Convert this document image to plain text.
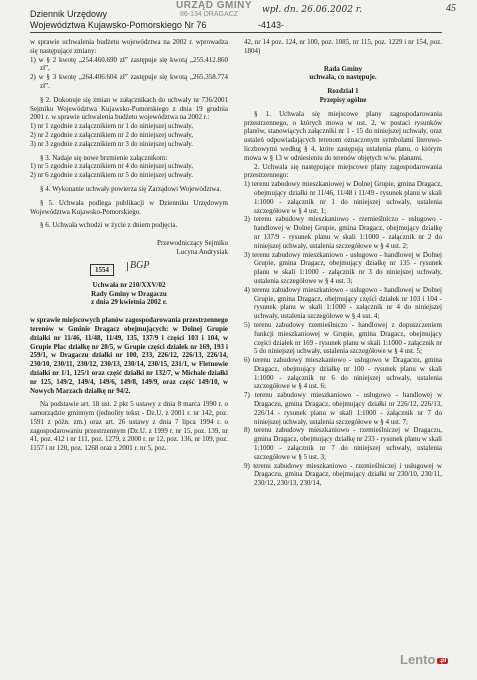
Dziennik Urzędowy
Województwa Kujawsko-Pomorskiego Nr 76	-4143-
URZĄD GMINY
86-134 DRAGACZ	wpł. dn. 26.06.2002 r.	45

w sprawie uchwalenia budżetu województwa na 2002 r. wprowadza się następujące zmiany:

1) w § 2 kwotę „254.460.690 zł” zastępuje się kwotą „255.412.860 zł”,

2) w § 3 kwotę „264.406.604 zł” zastępuje się kwotą „265.358.774 zł”.

§ 2. Dokonuje się zmian w załącznikach do uchwały nr 736/2001 Sejmiku Województwa Kujawsko-Pomorskiego z dnia 19 grudnia 2001 r. w sprawie uchwalenia budżetu województwa na 2002 r.:

1) nr 1 zgodnie z załącznikiem nr 1 do niniejszej uchwały,

2) nr 2 zgodnie z załącznikiem nr 2 do niniejszej uchwały,

3) nr 3 zgodnie z załącznikiem nr 3 do niniejszej uchwały.

§ 3. Nadaje się nowe brzmienie załącznikom:

1) nr 5 zgodnie z załącznikiem nr 4 do niniejszej uchwały,

2) nr 6 zgodnie z załącznikiem nr 5 do niniejszej uchwały.

§ 4. Wykonanie uchwały powierza się Zarządowi Województwa.

§ 5. Uchwała podlega publikacji w Dzienniku Urzędowym Województwa Kujawsko-Pomorskiego.

§ 6. Uchwała wchodzi w życie z dniem podjęcia.

Przewodniczący Sejmiku

Lucyna Andrysiak

1554	BGP

Uchwała nr 210/XXV/02

Rady Gminy w Dragaczu

z dnia 29 kwietnia 2002 r.

w sprawie miejscowych planów zagospodarowania przestrzennego terenów w Gminie Dragacz obejmujących: w Dolnej Grupie działki nr 11/46, 11/48, 11/49, 135, 137/9 i części 103 i 104, w Grupie Płac działkę nr 28/5, w Grupie części działek nr 169, 193 i 259/1, w Dragaczu działki nr 100, 233, 226/12, 226/13, 226/14, 230/10, 230/11, 230/12, 230/13, 230/14, 230/15, 231/1, w Fletnowie działki nr 1/1, 125/1 oraz część działki nr 132/7, w Michale działki nr 125, 149/2, 149/4, 149/6, 149/8, 149/9, oraz część 149/10, w Nowych Marzach działkę nr 94/2.

Na podstawie art. 18 ust. 2 pkt 5 ustawy z dnia 8 marca 1990 r. o samorządzie gminnym (jednolity tekst - Dz.U. z 2001 r. nr 142, poz. 1591 z późn. zm.) oraz art. 26 ustawy z dnia 7 lipca 1994 r. o zagospodarowaniu przestrzennym (Dz.U. z 1999 r. nr 15, poz. 139, nr 41, poz. 412 i nr 111, poz. 1279, z 2000 r. nr 12, poz. 136, nr 109, poz. 1157 i nr 120, poz. 1268 oraz z 2001 r. nr 5, poz.

42, nr 14 poz. 124, nr 100, poz. 1085, nr 115, poz. 1229 i nr 154, poz. 1804)

Rada Gminy

uchwala, co następuje.

Rozdział 1

Przepisy ogólne

§ 1. Uchwala się miejscowe plany zagospodarowania przestrzennego, o których mowa w ust. 2, w postaci rysunków planów, stanowiących załączniki nr 1 - 15 do niniejszej uchwały, oraz ustaleń odpowiadających terenom oznaczonym symbolami literowo-liczbowymi według § 4, które zastępują ustalenia planu, o którym mowa w § 13 w odniesieniu do terenów objętych w/w. planami.

2. Uchwala się następujące miejscowe plany zagospodarowania przestrzennego:

1) terenu zabudowy mieszkaniowej w Dolnej Grupie, gmina Dragacz, obejmujący działki nr 11/46, 11/48 i 11/49 - rysunek planu w skali 1:1000 - załącznik nr 1 do niniejszej uchwały, ustalenia szczegółowe w § 4 ust. 1;

2) terenu zabudowy mieszkaniowo - rzemieślniczo - usługowo - handlowej w Dolnej Grupie, gmina Dragacz, obejmujący działkę nr 137/9 - rysunek planu w skali 1:1000 - załącznik nr 2 do niniejszej uchwały, ustalenia szczegółowe w § 4 ust. 2;

3) terenu zabudowy mieszkaniowo - usługowo - handlowej w Dolnej Grupie, gmina Dragacz, obejmujący działkę nr 135 - rysunek planu w skali 1:1000 - załącznik nr 3 do niniejszej uchwały, ustalenia szczegółowe w § 4 ust. 3;

4) terenu zabudowy mieszkaniowo - usługowo - handlowej w Dolnej Grupie, gmina Dragacz, obejmujący części działek nr 103 i 104 - rysunek planu w skali 1:1000 - załącznik nr 4 do niniejszej uchwały, ustalenia szczegółowe w § 4 ust. 4;

5) terenu zabudowy rzemieślniczo - handlowej z dopuszczeniem funkcji mieszkaniowej w Grupie, gmina Dragacz, obejmujący części działek nr 169 - rysunek planu w skali 1:1000 - załącznik nr 5 do niniejszej uchwały, ustalenia szczegółowe w § 4 ust. 5;

6) terenu zabudowy mieszkaniowo - usługowo w Dragaczu, gmina Dragacz, obejmujący działkę nr 100 - rysunek planu w skali 1:1000 - załącznik nr 6 do niniejszej uchwały, ustalenia szczegółowe w § 4 ust. 6;

7) terenu zabudowy mieszkaniowo - usługowo - handlowej w Dragaczu, gmina Dragacz, obejmujący działki nr 226/12, 226/13, 226/14 - rysunek planu w skali 1:1000 - załącznik nr 7 do niniejszej uchwały, ustalenia szczegółowe w § 4 ust. 7;

8) terenu zabudowy mieszkaniowo - rzemieślniczej w Dragaczu, gmina Dragacz, obejmujący działkę nr 233 - rysunek planu w skali 1:1000 - załącznik nr 7 do niniejszej uchwały, ustalenia szczegółowe w § 5 ust. 3;

9) terenu zabudowy mieszkaniowo - rzemieślniczej i usługowej w Dragaczu, gmina Dragacz, obejmujący działki nr 230/10, 230/11, 230/12, 230/13, 230/14,

Lento .pl
